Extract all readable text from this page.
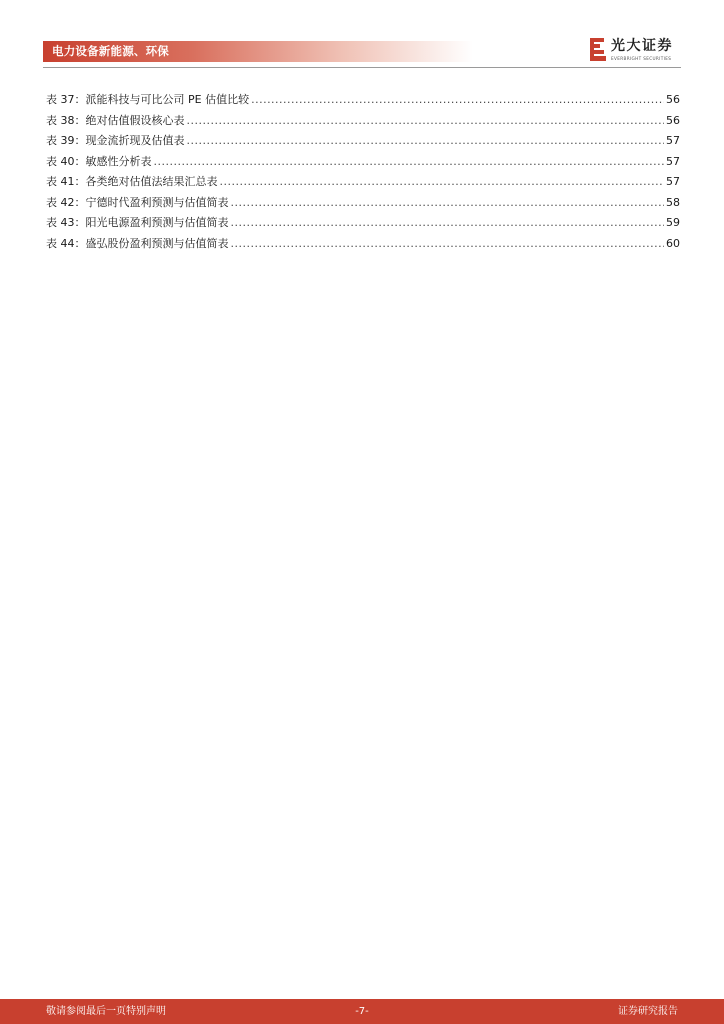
电力设备新能源、环保	光大证券
EVERBRIGHT SECURITIES
表 37：派能科技与可比公司 PE 估值比较 .....	56
表 38：绝对估值假设核心表 .....	56
表 39：现金流折现及估值表 .....	57
表 40：敏感性分析表 .....	57
表 41：各类绝对估值法结果汇总表 .....	57
表 42：宁德时代盈利预测与估值简表 .....	58
表 43：阳光电源盈利预测与估值简表 .....	59
表 44：盛弘股份盈利预测与估值简表 .....	60
敬请参阅最后一页特别声明	-7-	证券研究报告
